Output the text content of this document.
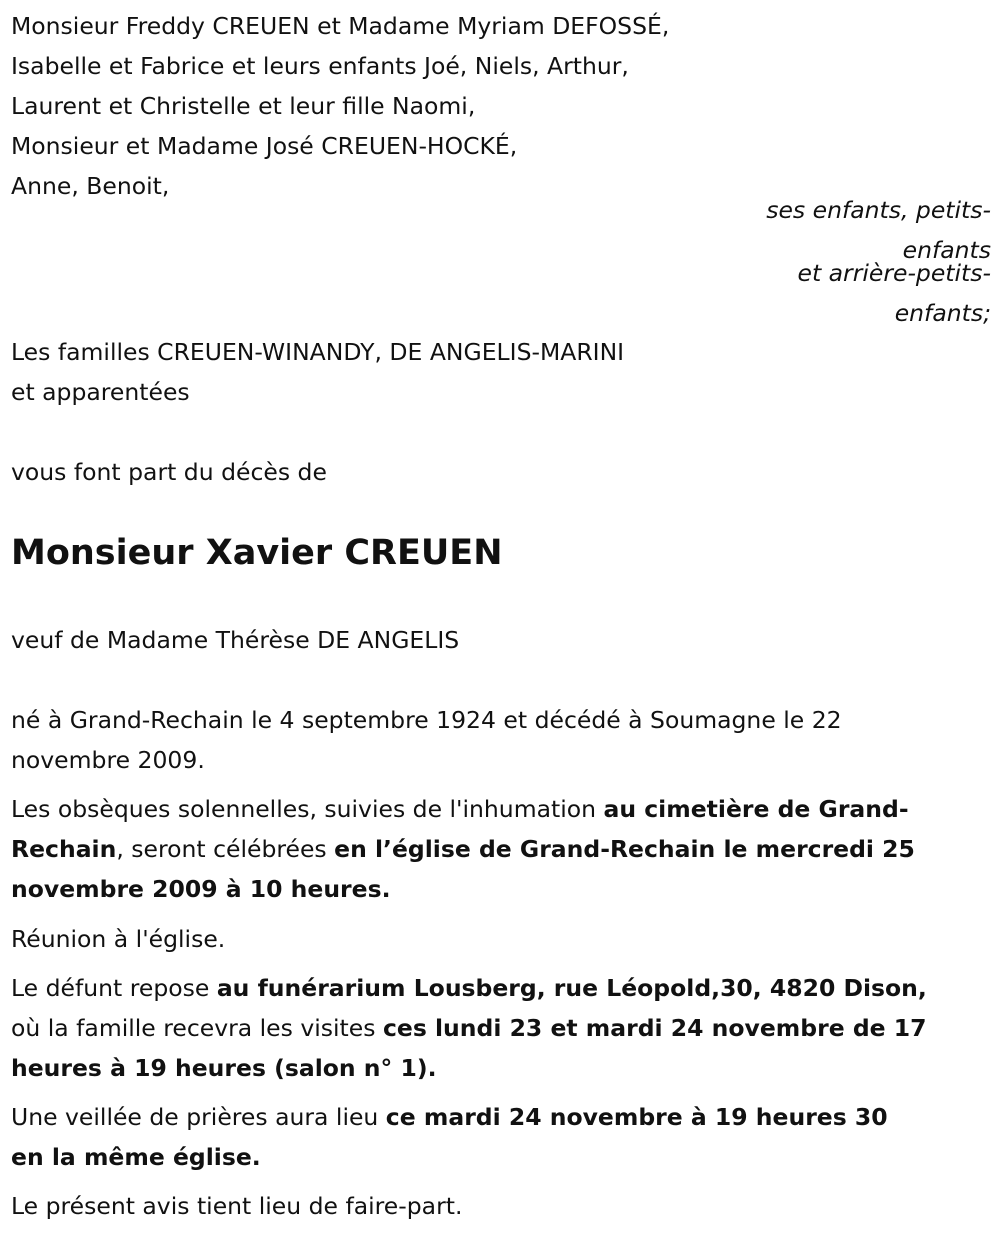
Monsieur Freddy CREUEN et Madame Myriam DEFOSSÉ,
Isabelle et Fabrice et leurs enfants Joé, Niels, Arthur,
Laurent et Christelle et leur fille Naomi,
Monsieur et Madame José CREUEN-HOCKÉ,
Anne, Benoit,
ses enfants, petits-
enfants
et arrière-petits-
enfants;
Les familles CREUEN-WINANDY, DE ANGELIS-MARINI
et apparentées
vous font part du décès de
Monsieur Xavier CREUEN
veuf de Madame Thérèse DE ANGELIS
né à Grand-Rechain le 4 septembre 1924 et décédé à Soumagne le 22
novembre 2009.
Les obsèques solennelles, suivies de l'inhumation au cimetière de Grand-
Rechain, seront célébrées en l’église de Grand-Rechain le mercredi 25
novembre 2009 à 10 heures.
Réunion à l'église.
Le défunt repose au funérarium Lousberg, rue Léopold,30, 4820 Dison,
où la famille recevra les visites ces lundi 23 et mardi 24 novembre de 17
heures à 19 heures (salon n° 1).
Une veillée de prières aura lieu ce mardi 24 novembre à 19 heures 30
en la même église.
Le présent avis tient lieu de faire-part.
